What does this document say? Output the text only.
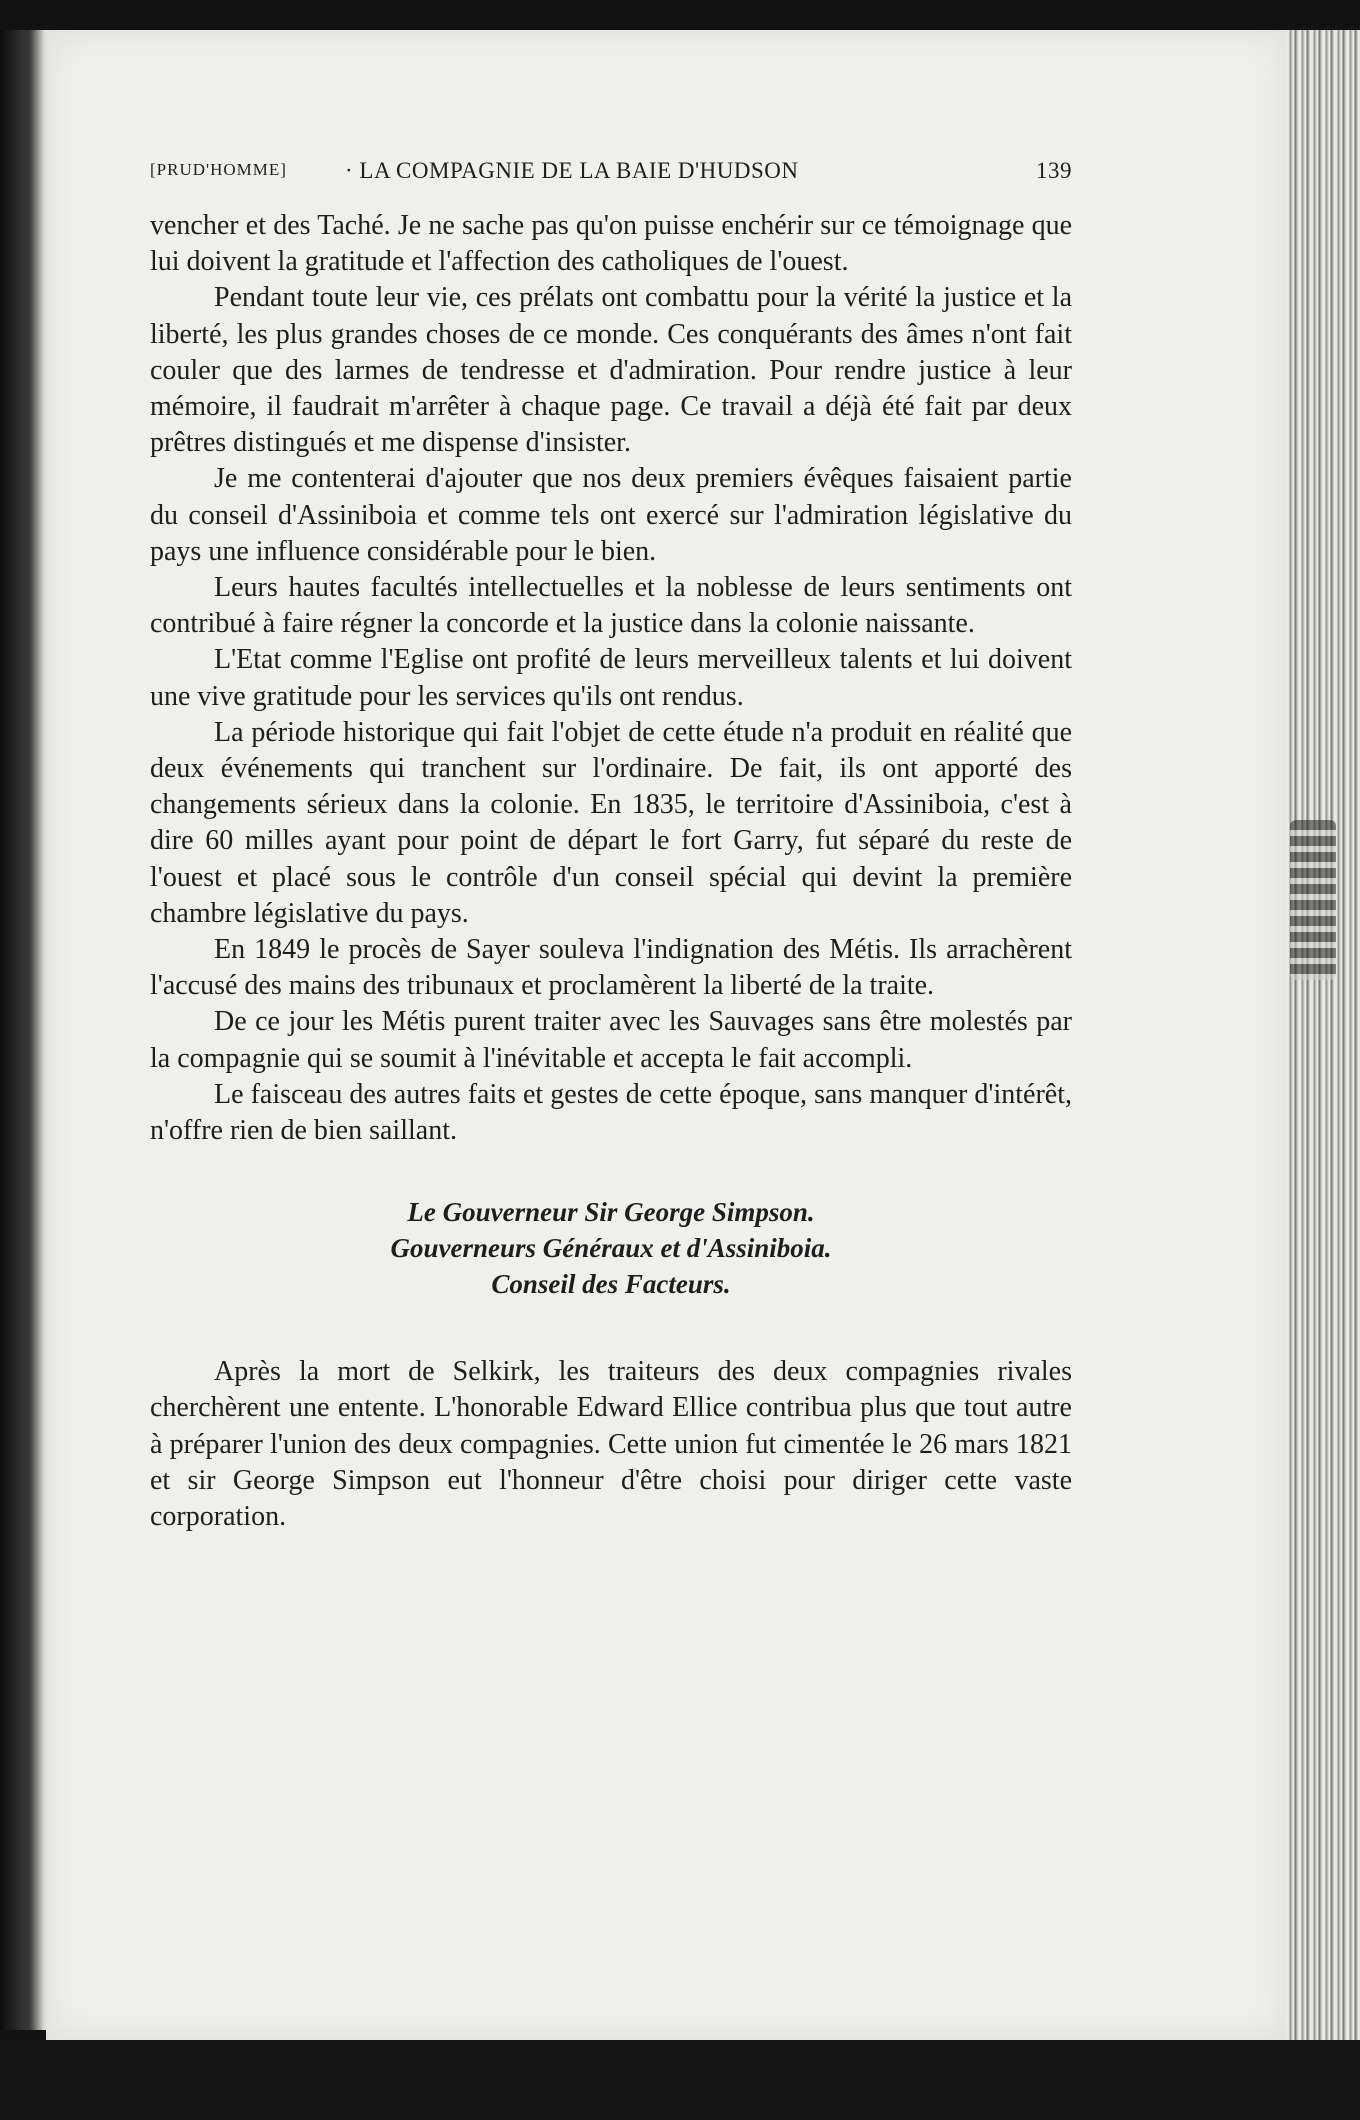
[PRUD'HOMME]	· LA COMPAGNIE DE LA BAIE D'HUDSON	139

vencher et des Taché. Je ne sache pas qu'on puisse enchérir sur ce témoignage que lui doivent la gratitude et l'affection des catholiques de l'ouest.

Pendant toute leur vie, ces prélats ont combattu pour la vérité la justice et la liberté, les plus grandes choses de ce monde. Ces conquérants des âmes n'ont fait couler que des larmes de tendresse et d'admiration. Pour rendre justice à leur mémoire, il faudrait m'arrêter à chaque page. Ce travail a déjà été fait par deux prêtres distingués et me dispense d'insister.

Je me contenterai d'ajouter que nos deux premiers évêques faisaient partie du conseil d'Assiniboia et comme tels ont exercé sur l'admiration législative du pays une influence considérable pour le bien.

Leurs hautes facultés intellectuelles et la noblesse de leurs sentiments ont contribué à faire régner la concorde et la justice dans la colonie naissante.

L'Etat comme l'Eglise ont profité de leurs merveilleux talents et lui doivent une vive gratitude pour les services qu'ils ont rendus.

La période historique qui fait l'objet de cette étude n'a produit en réalité que deux événements qui tranchent sur l'ordinaire. De fait, ils ont apporté des changements sérieux dans la colonie. En 1835, le territoire d'Assiniboia, c'est à dire 60 milles ayant pour point de départ le fort Garry, fut séparé du reste de l'ouest et placé sous le contrôle d'un conseil spécial qui devint la première chambre législative du pays.

En 1849 le procès de Sayer souleva l'indignation des Métis. Ils arrachèrent l'accusé des mains des tribunaux et proclamèrent la liberté de la traite.

De ce jour les Métis purent traiter avec les Sauvages sans être molestés par la compagnie qui se soumit à l'inévitable et accepta le fait accompli.

Le faisceau des autres faits et gestes de cette époque, sans manquer d'intérêt, n'offre rien de bien saillant.

Le Gouverneur Sir George Simpson.
Gouverneurs Généraux et d'Assiniboia.
Conseil des Facteurs.

Après la mort de Selkirk, les traiteurs des deux compagnies rivales cherchèrent une entente. L'honorable Edward Ellice contribua plus que tout autre à préparer l'union des deux compagnies. Cette union fut cimentée le 26 mars 1821 et sir George Simpson eut l'honneur d'être choisi pour diriger cette vaste corporation.
